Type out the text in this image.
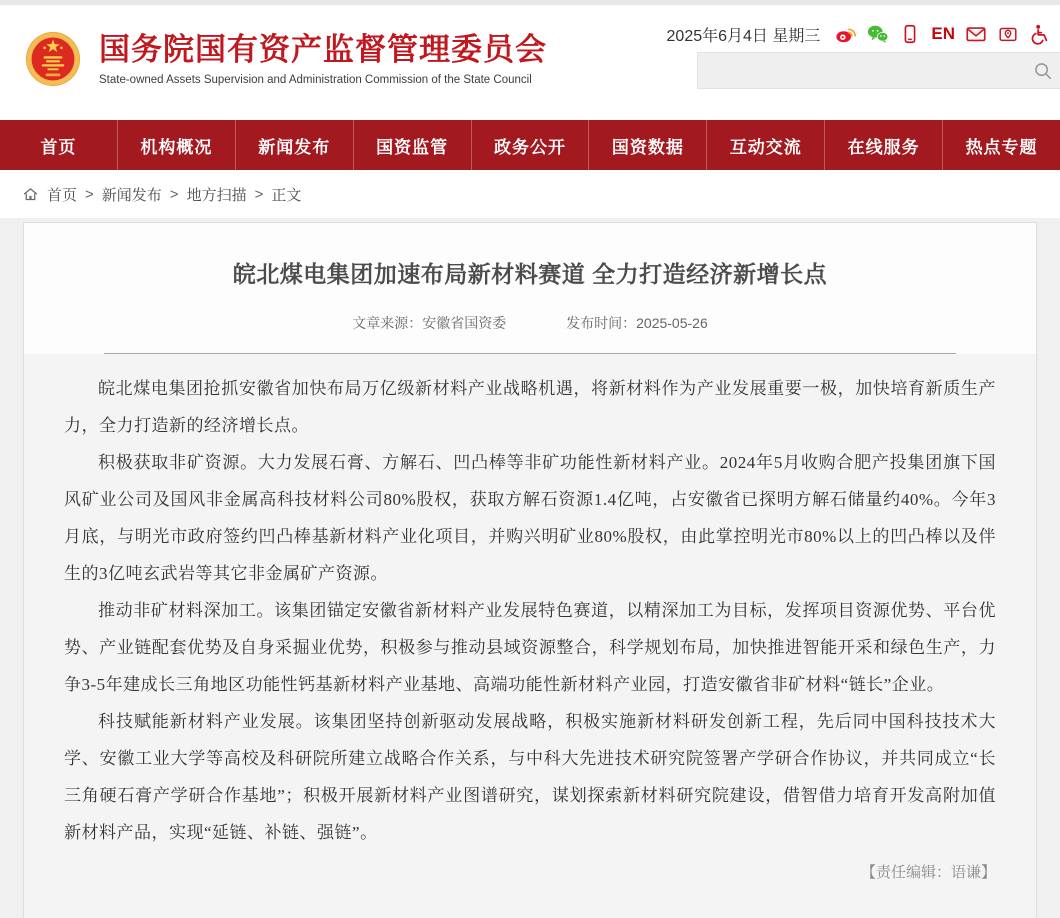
国务院国有资产监督管理委员会
State-owned Assets Supervision and Administration Commission of the State Council
2025年6月4日 星期三	EN
首页	机构概况	新闻发布	国资监管	政务公开	国资数据	互动交流	在线服务	热点专题
首页 > 新闻发布 > 地方扫描 > 正文
皖北煤电集团加速布局新材料赛道 全力打造经济新增长点
文章来源：安徽省国资委	发布时间：2025-05-26

皖北煤电集团抢抓安徽省加快布局万亿级新材料产业战略机遇，将新材料作为产业发展重要一极，加快培育新质生产力，全力打造新的经济增长点。

积极获取非矿资源。大力发展石膏、方解石、凹凸棒等非矿功能性新材料产业。2024年5月收购合肥产投集团旗下国风矿业公司及国风非金属高科技材料公司80%股权，获取方解石资源1.4亿吨，占安徽省已探明方解石储量约40%。今年3月底，与明光市政府签约凹凸棒基新材料产业化项目，并购兴明矿业80%股权，由此掌控明光市80%以上的凹凸棒以及伴生的3亿吨玄武岩等其它非金属矿产资源。

推动非矿材料深加工。该集团锚定安徽省新材料产业发展特色赛道，以精深加工为目标，发挥项目资源优势、平台优势、产业链配套优势及自身采掘业优势，积极参与推动县域资源整合，科学规划布局，加快推进智能开采和绿色生产，力争3-5年建成长三角地区功能性钙基新材料产业基地、高端功能性新材料产业园，打造安徽省非矿材料“链长”企业。

科技赋能新材料产业发展。该集团坚持创新驱动发展战略，积极实施新材料研发创新工程，先后同中国科技技术大学、安徽工业大学等高校及科研院所建立战略合作关系，与中科大先进技术研究院签署产学研合作协议，并共同成立“长三角硬石膏产学研合作基地”；积极开展新材料产业图谱研究，谋划探索新材料研究院建设，借智借力培育开发高附加值新材料产品，实现“延链、补链、强链”。

【责任编辑：语谦】
